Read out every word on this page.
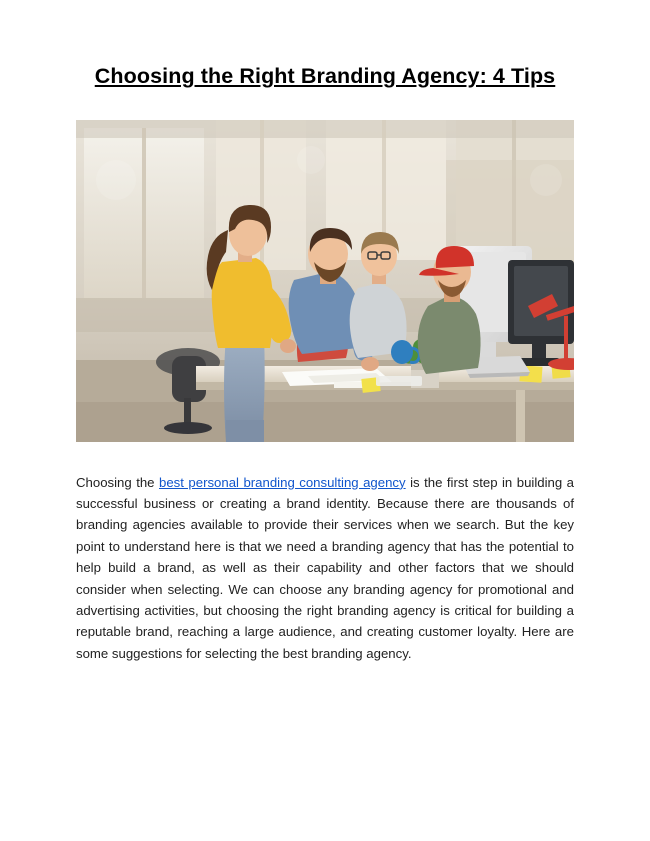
Choosing the Right Branding Agency: 4 Tips

Choosing the best personal branding consulting agency is the first step in building a successful business or creating a brand identity. Because there are thousands of branding agencies available to provide their services when we search. But the key point to understand here is that we need a branding agency that has the potential to help build a brand, as well as their capability and other factors that we should consider when selecting. We can choose any branding agency for promotional and advertising activities, but choosing the right branding agency is critical for building a reputable brand, reaching a large audience, and creating customer loyalty. Here are some suggestions for selecting the best branding agency.
